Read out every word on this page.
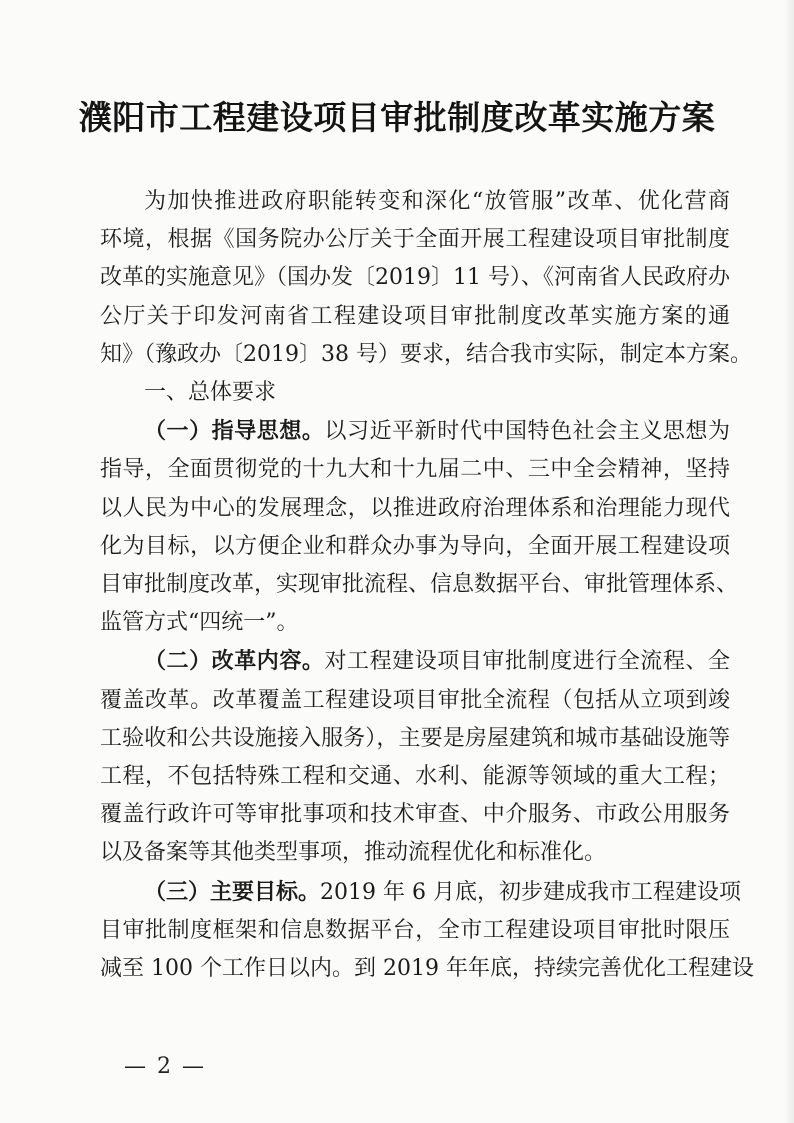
濮阳市工程建设项目审批制度改革实施方案
为加快推进政府职能转变和深化“放管服”改革、优化营商
环境，根据《国务院办公厅关于全面开展工程建设项目审批制度
改革的实施意见》（国办发〔2019〕11 号）、《河南省人民政府办
公厅关于印发河南省工程建设项目审批制度改革实施方案的通
知》（豫政办〔2019〕38 号）要求，结合我市实际，制定本方案。
一、总体要求
（一）指导思想。以习近平新时代中国特色社会主义思想为
指导，全面贯彻党的十九大和十九届二中、三中全会精神，坚持
以人民为中心的发展理念，以推进政府治理体系和治理能力现代
化为目标，以方便企业和群众办事为导向，全面开展工程建设项
目审批制度改革，实现审批流程、信息数据平台、审批管理体系、
监管方式“四统一”。
（二）改革内容。对工程建设项目审批制度进行全流程、全
覆盖改革。改革覆盖工程建设项目审批全流程（包括从立项到竣
工验收和公共设施接入服务），主要是房屋建筑和城市基础设施等
工程，不包括特殊工程和交通、水利、能源等领域的重大工程；
覆盖行政许可等审批事项和技术审查、中介服务、市政公用服务
以及备案等其他类型事项，推动流程优化和标准化。
（三）主要目标。2019 年 6 月底，初步建成我市工程建设项
目审批制度框架和信息数据平台，全市工程建设项目审批时限压
减至 100 个工作日以内。到 2019 年年底，持续完善优化工程建设
— 2 —
